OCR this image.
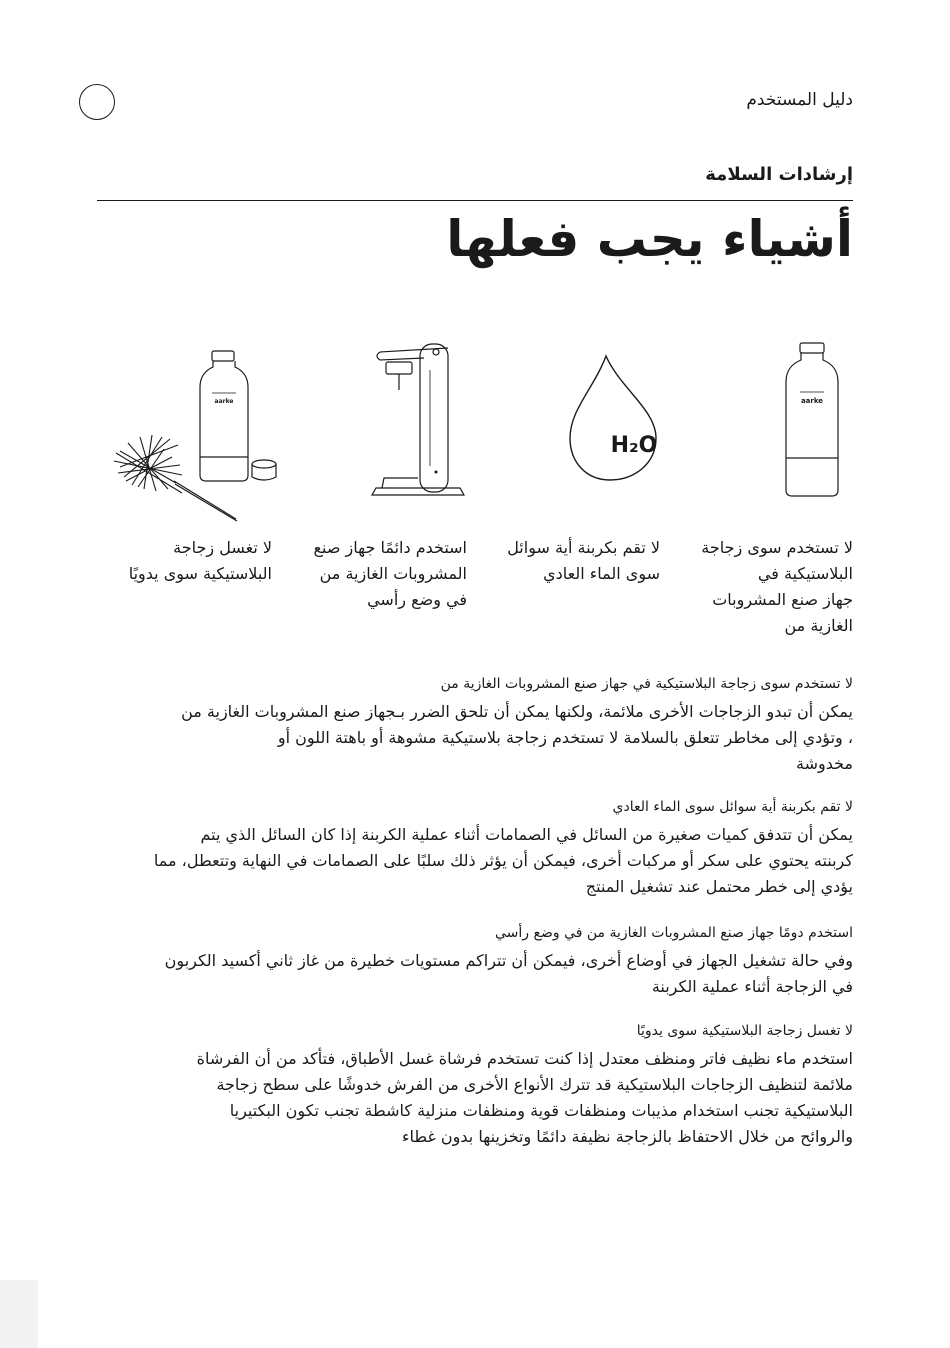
دليل المستخدم
إرشادات السلامة
أشياء يجب فعلها
aarke
لا تستخدم سوى زجاجة
البلاستيكية في
جهاز صنع المشروبات
الغازية من
H₂O
لا تقم بكربنة أية سوائل
سوى الماء العادي
استخدم دائمًا جهاز صنع
المشروبات الغازية من
في وضع رأسي
aarke
لا تغسل زجاجة
البلاستيكية سوى يدويًا
لا تستخدم سوى زجاجة البلاستيكية في جهاز صنع المشروبات الغازية من
يمكن أن تبدو الزجاجات الأخرى ملائمة، ولكنها يمكن أن تلحق الضرر بـجهاز صنع المشروبات الغازية من
، وتؤدي إلى مخاطر تتعلق بالسلامة لا تستخدم زجاجة بلاستيكية مشوهة أو باهتة اللون أو
مخدوشة
لا تقم بكربنة أية سوائل سوى الماء العادي
يمكن أن تتدفق كميات صغيرة من السائل في الصمامات أثناء عملية الكربنة إذا كان السائل الذي يتم
كربنته يحتوي على سكر أو مركبات أخرى، فيمكن أن يؤثر ذلك سلبًا على الصمامات في النهاية وتتعطل، مما
يؤدي إلى خطر محتمل عند تشغيل المنتج
استخدم دومًا جهاز صنع المشروبات الغازية من في وضع رأسي
وفي حالة تشغيل الجهاز في أوضاع أخرى، فيمكن أن تتراكم مستويات خطيرة من غاز ثاني أكسيد الكربون
في الزجاجة أثناء عملية الكربنة
لا تغسل زجاجة البلاستيكية سوى يدويًا
استخدم ماء نظيف فاتر ومنظف معتدل إذا كنت تستخدم فرشاة غسل الأطباق، فتأكد من أن الفرشاة
ملائمة لتنظيف الزجاجات البلاستيكية قد تترك الأنواع الأخرى من الفرش خدوشًا على سطح زجاجة
البلاستيكية تجنب استخدام مذيبات ومنظفات قوية ومنظفات منزلية كاشطة تجنب تكون البكتيريا
والروائح من خلال الاحتفاظ بالزجاجة نظيفة دائمًا وتخزينها بدون غطاء
